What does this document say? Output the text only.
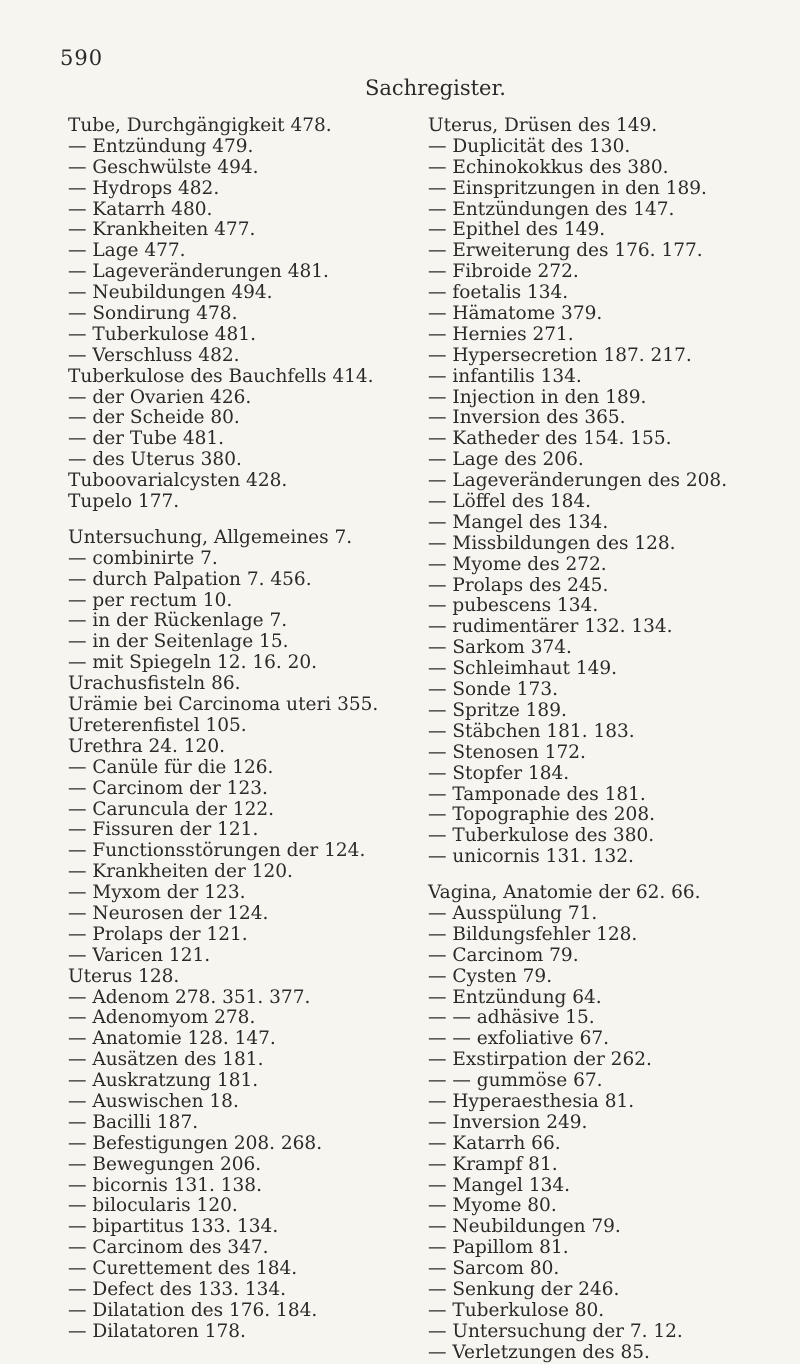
590
Sachregister.
Tube, Durchgängigkeit 478.
— Entzündung 479.
— Geschwülste 494.
— Hydrops 482.
— Katarrh 480.
— Krankheiten 477.
— Lage 477.
— Lageveränderungen 481.
— Neubildungen 494.
— Sondirung 478.
— Tuberkulose 481.
— Verschluss 482.
Tuberkulose des Bauchfells 414.
— der Ovarien 426.
— der Scheide 80.
— der Tube 481.
— des Uterus 380.
Tuboovarialcysten 428.
Tupelo 177.
Untersuchung, Allgemeines 7.
— combinirte 7.
— durch Palpation 7. 456.
— per rectum 10.
— in der Rückenlage 7.
— in der Seitenlage 15.
— mit Spiegeln 12. 16. 20.
Urachusfisteln 86.
Urämie bei Carcinoma uteri 355.
Ureterenfistel 105.
Urethra 24. 120.
— Canüle für die 126.
— Carcinom der 123.
— Caruncula der 122.
— Fissuren der 121.
— Functionsstörungen der 124.
— Krankheiten der 120.
— Myxom der 123.
— Neurosen der 124.
— Prolaps der 121.
— Varicen 121.
Uterus 128.
— Adenom 278. 351. 377.
— Adenomyom 278.
— Anatomie 128. 147.
— Ausätzen des 181.
— Auskratzung 181.
— Auswischen 18.
— Bacilli 187.
— Befestigungen 208. 268.
— Bewegungen 206.
— bicornis 131. 138.
— bilocularis 120.
— bipartitus 133. 134.
— Carcinom des 347.
— Curettement des 184.
— Defect des 133. 134.
— Dilatation des 176. 184.
— Dilatatoren 178.
Uterus, Drüsen des 149.
— Duplicität des 130.
— Echinokokkus des 380.
— Einspritzungen in den 189.
— Entzündungen des 147.
— Epithel des 149.
— Erweiterung des 176. 177.
— Fibroide 272.
— foetalis 134.
— Hämatome 379.
— Hernies 271.
— Hypersecretion 187. 217.
— infantilis 134.
— Injection in den 189.
— Inversion des 365.
— Katheder des 154. 155.
— Lage des 206.
— Lageveränderungen des 208.
— Löffel des 184.
— Mangel des 134.
— Missbildungen des 128.
— Myome des 272.
— Prolaps des 245.
— pubescens 134.
— rudimentärer 132. 134.
— Sarkom 374.
— Schleimhaut 149.
— Sonde 173.
— Spritze 189.
— Stäbchen 181. 183.
— Stenosen 172.
— Stopfer 184.
— Tamponade des 181.
— Topographie des 208.
— Tuberkulose des 380.
— unicornis 131. 132.
Vagina, Anatomie der 62. 66.
— Ausspülung 71.
— Bildungsfehler 128.
— Carcinom 79.
— Cysten 79.
— Entzündung 64.
— — adhäsive 15.
— — exfoliative 67.
— Exstirpation der 262.
— — gummöse 67.
— Hyperaesthesia 81.
— Inversion 249.
— Katarrh 66.
— Krampf 81.
— Mangel 134.
— Myome 80.
— Neubildungen 79.
— Papillom 81.
— Sarcom 80.
— Senkung der 246.
— Tuberkulose 80.
— Untersuchung der 7. 12.
— Verletzungen des 85.
